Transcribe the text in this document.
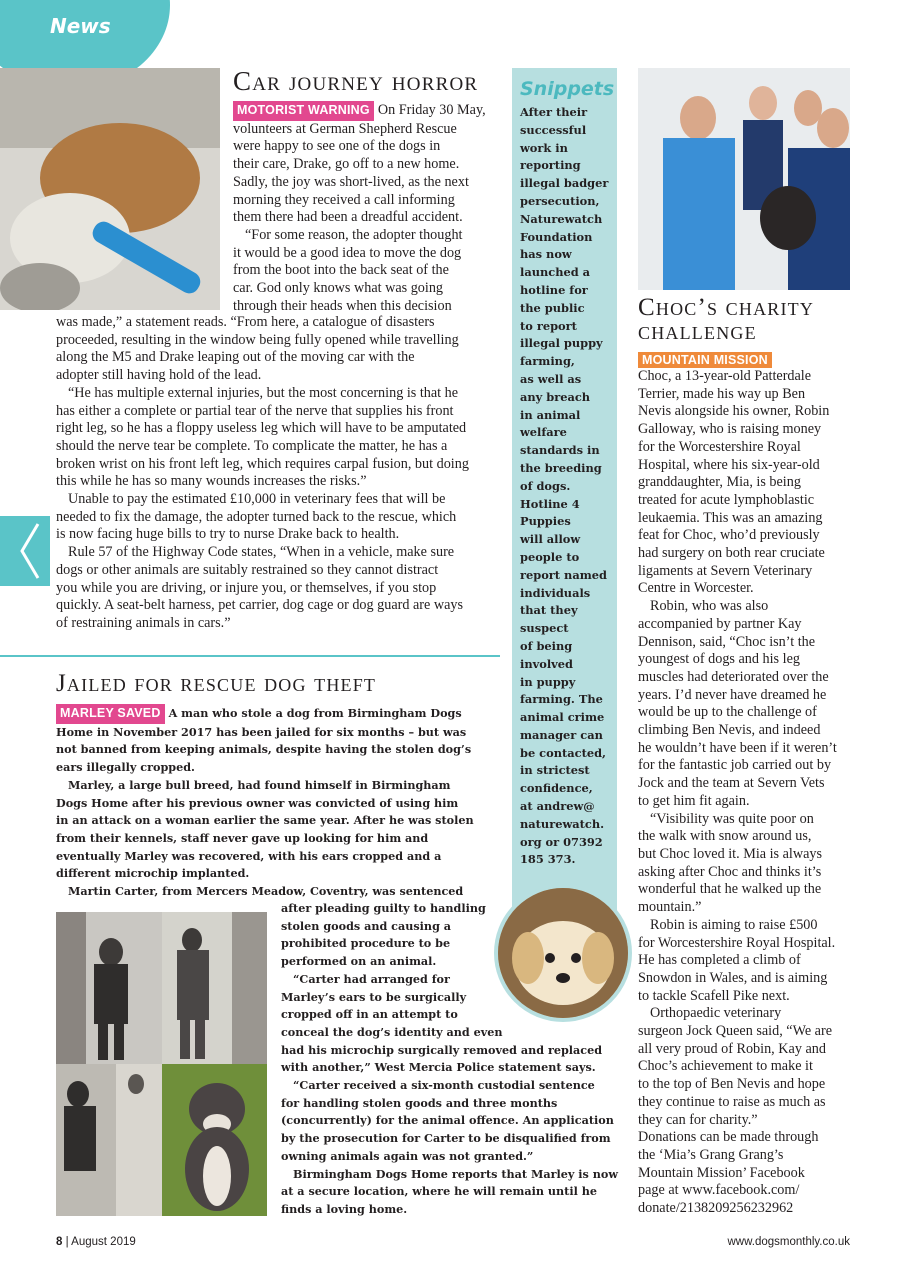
News
Car journey horror
MOTORIST WARNING On Friday 30 May,
volunteers at German Shepherd Rescue
were happy to see one of the dogs in
their care, Drake, go off to a new home.
Sadly, the joy was short-lived, as the next
morning they received a call informing
them there had been a dreadful accident.
“For some reason, the adopter thought
it would be a good idea to move the dog
from the boot into the back seat of the
car. God only knows what was going
through their heads when this decision
was made,” a statement reads. “From here, a catalogue of disasters
proceeded, resulting in the window being fully opened while travelling
along the M5 and Drake leaping out of the moving car with the
adopter still having hold of the lead.
“He has multiple external injuries, but the most concerning is that he
has either a complete or partial tear of the nerve that supplies his front
right leg, so he has a floppy useless leg which will have to be amputated
should the nerve tear be complete. To complicate the matter, he has a
broken wrist on his front left leg, which requires carpal fusion, but doing
this while he has so many wounds increases the risks.”
Unable to pay the estimated £10,000 in veterinary fees that will be
needed to fix the damage, the adopter turned back to the rescue, which
is now facing huge bills to try to nurse Drake back to health.
Rule 57 of the Highway Code states, “When in a vehicle, make sure
dogs or other animals are suitably restrained so they cannot distract
you while you are driving, or injure you, or themselves, if you stop
quickly. A seat-belt harness, pet carrier, dog cage or dog guard are ways
of restraining animals in cars.”
Jailed for rescue dog theft
MARLEY SAVED A man who stole a dog from Birmingham Dogs
Home in November 2017 has been jailed for six months – but was
not banned from keeping animals, despite having the stolen dog’s
ears illegally cropped.
Marley, a large bull breed, had found himself in Birmingham
Dogs Home after his previous owner was convicted of using him
in an attack on a woman earlier the same year. After he was stolen
from their kennels, staff never gave up looking for him and
eventually Marley was recovered, with his ears cropped and a
different microchip implanted.
Martin Carter, from Mercers Meadow, Coventry, was sentenced
after pleading guilty to handling
stolen goods and causing a
prohibited procedure to be
performed on an animal.
“Carter had arranged for
Marley’s ears to be surgically
cropped off in an attempt to
conceal the dog’s identity and even
had his microchip surgically removed and replaced
with another,” West Mercia Police statement says.
“Carter received a six-month custodial sentence
for handling stolen goods and three months
(concurrently) for the animal offence. An application
by the prosecution for Carter to be disqualified from
owning animals again was not granted.”
Birmingham Dogs Home reports that Marley is now
at a secure location, where he will remain until he
finds a loving home.
Snippets
After their
successful
work in
reporting
illegal badger
persecution,
Naturewatch
Foundation
has now
launched a
hotline for
the public
to report
illegal puppy
farming,
as well as
any breach
in animal
welfare
standards in
the breeding
of dogs.
Hotline 4
Puppies
will allow
people to
report named
individuals
that they
suspect
of being
involved
in puppy
farming. The
animal crime
manager can
be contacted,
in strictest
confidence,
at andrew@
naturewatch.
org or 07392
185 373.
Choc’s charity
challenge
MOUNTAIN MISSION
Choc, a 13-year-old Patterdale
Terrier, made his way up Ben
Nevis alongside his owner, Robin
Galloway, who is raising money
for the Worcestershire Royal
Hospital, where his six-year-old
granddaughter, Mia, is being
treated for acute lymphoblastic
leukaemia. This was an amazing
feat for Choc, who’d previously
had surgery on both rear cruciate
ligaments at Severn Veterinary
Centre in Worcester.
Robin, who was also
accompanied by partner Kay
Dennison, said, “Choc isn’t the
youngest of dogs and his leg
muscles had deteriorated over the
years. I’d never have dreamed he
would be up to the challenge of
climbing Ben Nevis, and indeed
he wouldn’t have been if it weren’t
for the fantastic job carried out by
Jock and the team at Severn Vets
to get him fit again.
“Visibility was quite poor on
the walk with snow around us,
but Choc loved it. Mia is always
asking after Choc and thinks it’s
wonderful that he walked up the
mountain.”
Robin is aiming to raise £500
for Worcestershire Royal Hospital.
He has completed a climb of
Snowdon in Wales, and is aiming
to tackle Scafell Pike next.
Orthopaedic veterinary
surgeon Jock Queen said, “We are
all very proud of Robin, Kay and
Choc’s achievement to make it
to the top of Ben Nevis and hope
they continue to raise as much as
they can for charity.”
Donations can be made through
the ‘Mia’s Grang Grang’s
Mountain Mission’ Facebook
page at www.facebook.com/
donate/2138209256232962
8 | August 2019	www.dogsmonthly.co.uk
